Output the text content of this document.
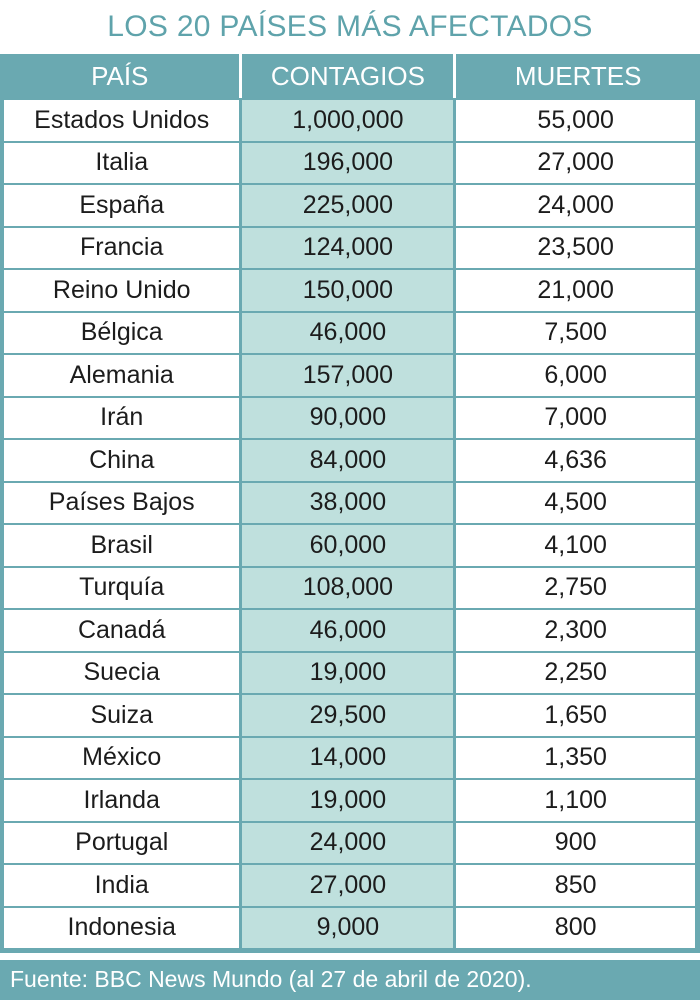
LOS 20 PAÍSES MÁS AFECTADOS
PAÍS	CONTAGIOS	MUERTES
Estados Unidos	1,000,000	55,000
Italia	196,000	27,000
España	225,000	24,000
Francia	124,000	23,500
Reino Unido	150,000	21,000
Bélgica	46,000	7,500
Alemania	157,000	6,000
Irán	90,000	7,000
China	84,000	4,636
Países Bajos	38,000	4,500
Brasil	60,000	4,100
Turquía	108,000	2,750
Canadá	46,000	2,300
Suecia	19,000	2,250
Suiza	29,500	1,650
México	14,000	1,350
Irlanda	19,000	1,100
Portugal	24,000	900
India	27,000	850
Indonesia	9,000	800
Fuente: BBC News Mundo (al 27 de abril de 2020).
